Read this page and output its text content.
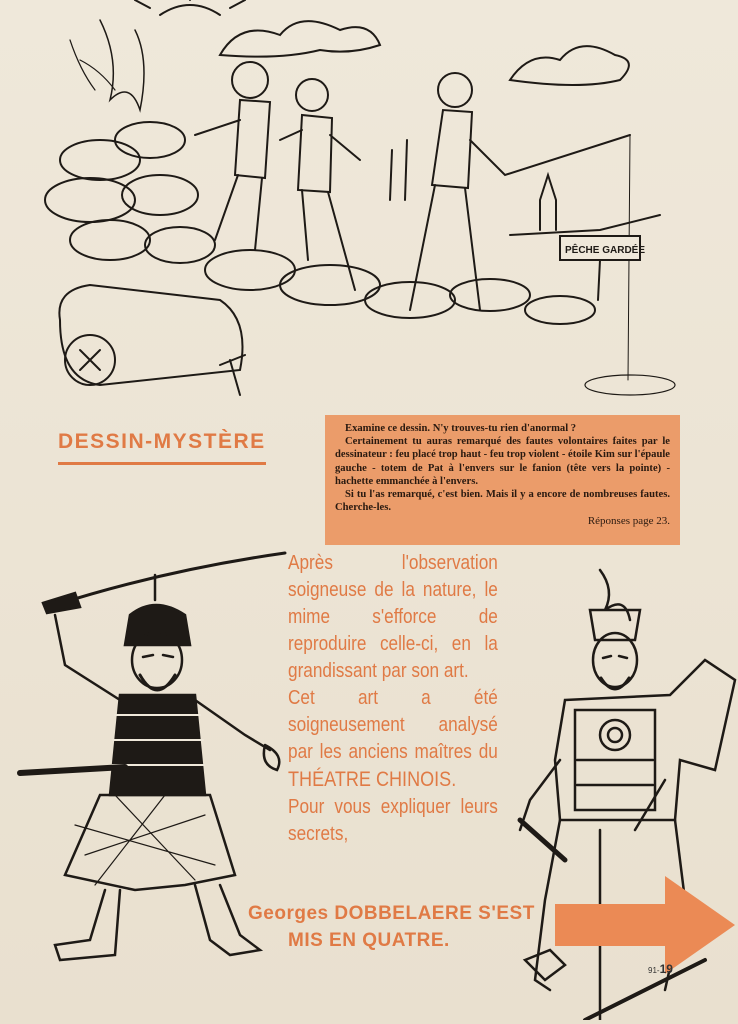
PÊCHE GARDÉE
DESSIN-MYSTÈRE

Examine ce dessin. N'y trouves-tu rien d'anormal ?

Certainement tu auras remarqué des fautes volontaires faites par le dessinateur : feu placé trop haut - feu trop violent - étoile Kim sur l'épaule gauche - totem de Pat à l'envers sur le fanion (tête vers la pointe) - hachette emmanchée à l'envers.

Si tu l'as remarqué, c'est bien. Mais il y a encore de nombreuses fautes. Cherche-les.

Réponses page 23.

Après l'observation soigneuse de la nature, le mime s'efforce de reproduire celle-ci, en la grandissant par son art.

Cet art a été soigneusement analysé par les anciens maîtres du THÉATRE CHINOIS.

Pour vous expliquer leurs secrets,

Georges DOBBELAERE S'EST
MIS EN QUATRE.
91-19
